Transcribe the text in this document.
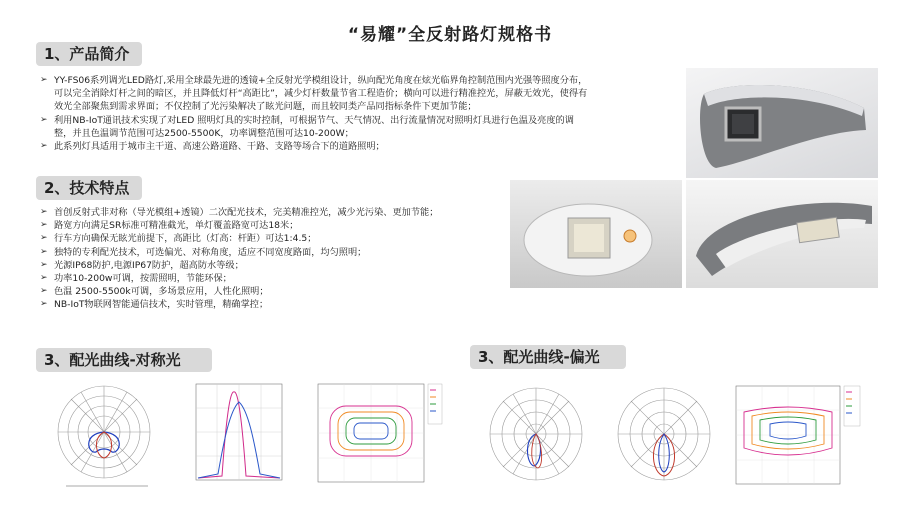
“易耀”全反射路灯规格书
1、产品简介
➢ YY-FS06系列调光LED路灯,采用全球最先进的透镜+全反射光学模组设计，纵向配光角度在炫光临界角控制范围内光强等照度分布，可以完全消除灯杆之间的暗区，并且降低灯杆“高距比”，减少灯杆数量节省工程造价；横向可以进行精准控光，屏蔽无效光，使得有效光全部聚焦到需求界面；不仅控制了光污染解决了眩光问题，而且较同类产品同指标条件下更加节能；
➢ 利用NB-IoT通讯技术实现了对LED 照明灯具的实时控制，可根据节气、天气情况、出行流量情况对照明灯具进行色温及亮度的调整，并且色温调节范围可达2500-5500K，功率调整范围可达10-200W；
➢ 此系列灯具适用于城市主干道、高速公路道路、干路、支路等场合下的道路照明；
2、技术特点
➢ 首创反射式非对称（导光模组+透镜）二次配光技术，完美精准控光，减少光污染、更加节能；
➢ 路宽方向满足SR标准可精准截光，单灯覆盖路宽可达18米；
➢ 行车方向确保无眩光前提下，高距比（灯高：杆距）可达1:4.5；
➢ 独特的专利配光技术，可选偏光、对称角度，适应不同宽度路面，均匀照明；
➢ 光源IP68防护,电源IP67防护，超高防水等级；
➢ 功率10-200w可调，按需照明，节能环保；
➢ 色温 2500-5500k可调，多场景应用，人性化照明；
➢ NB-IoT物联网智能通信技术，实时管理，精确掌控；
3、配光曲线-对称光	3、配光曲线-偏光
